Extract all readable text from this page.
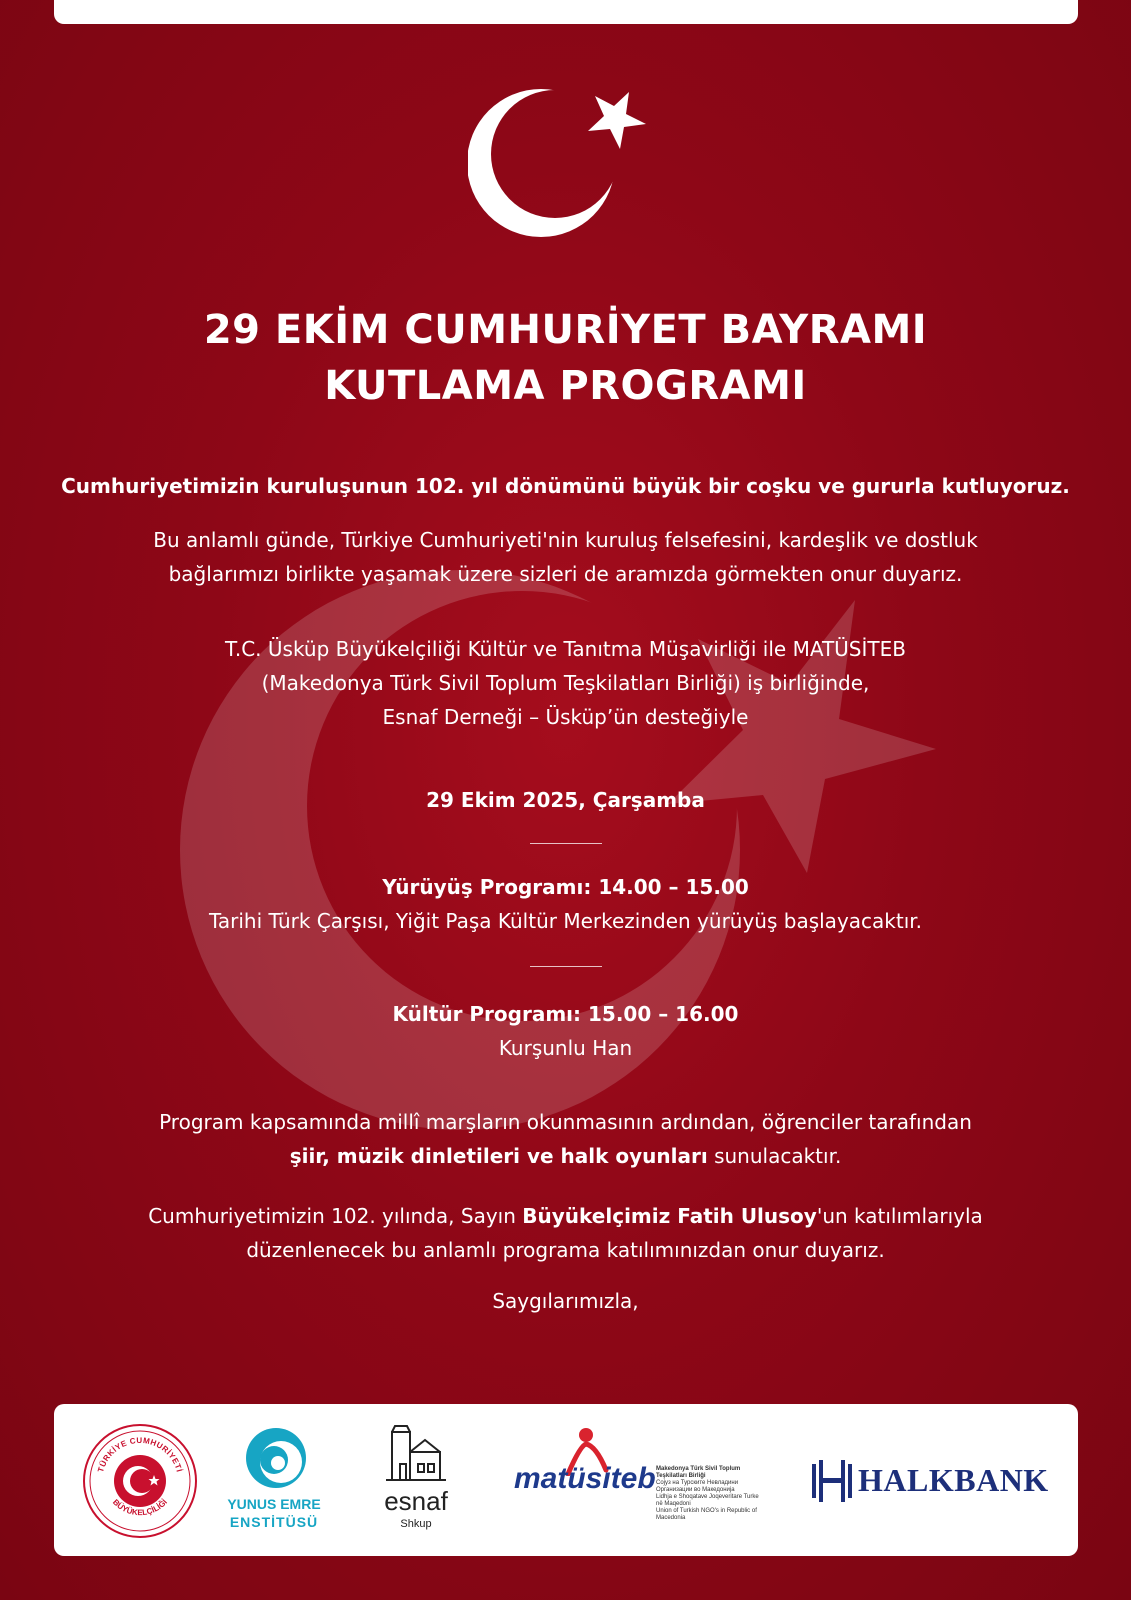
29 EKİM CUMHURİYET BAYRAMI
KUTLAMA PROGRAMI

Cumhuriyetimizin kuruluşunun 102. yıl dönümünü büyük bir coşku ve gururla kutluyoruz.

Bu anlamlı günde, Türkiye Cumhuriyeti'nin kuruluş felsefesini, kardeşlik ve dostluk
bağlarımızı birlikte yaşamak üzere sizleri de aramızda görmekten onur duyarız.

T.C. Üsküp Büyükelçiliği Kültür ve Tanıtma Müşavirliği ile MATÜSİTEB
(Makedonya Türk Sivil Toplum Teşkilatları Birliği) iş birliğinde,
Esnaf Derneği – Üsküp’ün desteğiyle

29 Ekim 2025, Çarşamba

Yürüyüş Programı: 14.00 – 15.00
Tarihi Türk Çarşısı, Yiğit Paşa Kültür Merkezinden yürüyüş başlayacaktır.

Kültür Programı: 15.00 – 16.00
Kurşunlu Han

Program kapsamında millî marşların okunmasının ardından, öğrenciler tarafından
şiir, müzik dinletileri ve halk oyunları sunulacaktır.

Cumhuriyetimizin 102. yılında, Sayın Büyükelçimiz Fatih Ulusoy'un katılımlarıyla
düzenlenecek bu anlamlı programa katılımınızdan onur duyarız.

Saygılarımızla,

TÜRKİYE CUMHURİYETİ
BÜYÜKELÇİLİĞİ	YUNUS EMRE
ENSTİTÜSÜ
esnaf
Shkup
matüsiteb Makedonya Türk Sivil Toplum Teşkilatları Birliği
Сојуз на Турските Невладини Организации во Македонија
Lidhja e Shoqatave Joqeveritare Turke në Maqedoni
Union of Turkish NGO's in Republic of Macedonia
HALKBANK
